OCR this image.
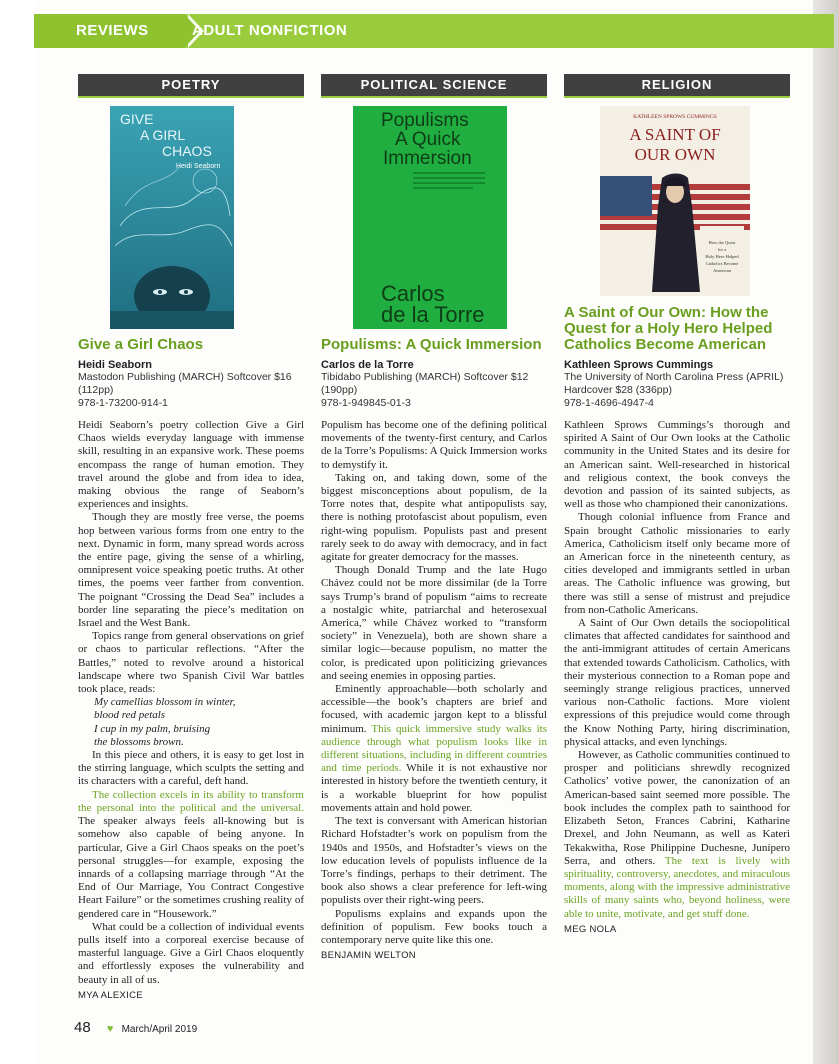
REVIEWS	ADULT NONFICTION
POETRY
GIVE
A GIRL
CHAOS
Heidi Seaborn
Give a Girl Chaos
Heidi Seaborn
Mastodon Publishing (MARCH) Softcover $16 (112pp)
978-1-73200-914-1

Heidi Seaborn’s poetry collection Give a Girl Chaos wields everyday language with immense skill, resulting in an expansive work. These poems encompass the range of human emotion. They travel around the globe and from idea to idea, making obvious the range of Seaborn’s experiences and insights.

Though they are mostly free verse, the poems hop between various forms from one entry to the next. Dynamic in form, many spread words across the entire page, giving the sense of a whirling, omnipresent voice speaking poetic truths. At other times, the poems veer farther from convention. The poignant “Crossing the Dead Sea” includes a border line separating the piece’s meditation on Israel and the West Bank.

Topics range from general observations on grief or chaos to particular reflections. “After the Battles,” noted to revolve around a historical landscape where two Spanish Civil War battles took place, reads:

My camellias blossom in winter,
blood red petals
I cup in my palm, bruising
the blossoms brown.

In this piece and others, it is easy to get lost in the stirring language, which sculpts the setting and its characters with a careful, deft hand.

The collection excels in its ability to transform the personal into the political and the universal. The speaker always feels all-knowing but is somehow also capable of being anyone. In particular, Give a Girl Chaos speaks on the poet’s personal struggles—for example, exposing the innards of a collapsing marriage through “At the End of Our Marriage, You Contract Congestive Heart Failure” or the sometimes crushing reality of gendered care in “Housework.”

What could be a collection of individual events pulls itself into a corporeal exercise because of masterful language. Give a Girl Chaos eloquently and effortlessly exposes the vulnerability and beauty in all of us.

MYA ALEXICE
POLITICAL SCIENCE
Populisms
A Quick
Immersion
Carlos
de la Torre
Populisms: A Quick Immersion
Carlos de la Torre
Tibidabo Publishing (MARCH) Softcover $12 (190pp)
978-1-949845-01-3

Populism has become one of the defining political movements of the twenty-first century, and Carlos de la Torre’s Populisms: A Quick Immersion works to demystify it.

Taking on, and taking down, some of the biggest misconceptions about populism, de la Torre notes that, despite what antipopulists say, there is nothing protofascist about populism, even right-wing populism. Populists past and present rarely seek to do away with democracy, and in fact agitate for greater democracy for the masses.

Though Donald Trump and the late Hugo Chávez could not be more dissimilar (de la Torre says Trump’s brand of populism “aims to recreate a nostalgic white, patriarchal and heterosexual America,” while Chávez worked to “transform society” in Venezuela), both are shown share a similar logic—because populism, no matter the color, is predicated upon politicizing grievances and seeing enemies in opposing parties.

Eminently approachable—both scholarly and accessible—the book’s chapters are brief and focused, with academic jargon kept to a blissful minimum. This quick immersive study walks its audience through what populism looks like in different situations, including in different countries and time periods. While it is not exhaustive nor interested in history before the twentieth century, it is a workable blueprint for how populist movements attain and hold power.

The text is conversant with American historian Richard Hofstadter’s work on populism from the 1940s and 1950s, and Hofstadter’s views on the low education levels of populists influence de la Torre’s findings, perhaps to their detriment. The book also shows a clear preference for left-wing populists over their right-wing peers.

Populisms explains and expands upon the definition of populism. Few books touch a contemporary nerve quite like this one.

BENJAMIN WELTON
RELIGION
KATHLEEN SPROWS CUMMINGS
A SAINT OF
OUR OWN
How the Quest
for a
Holy Hero Helped
Catholics Become
American
A Saint of Our Own: How the Quest for a Holy Hero Helped Catholics Become American
Kathleen Sprows Cummings
The University of North Carolina Press (APRIL)
Hardcover $28 (336pp)
978-1-4696-4947-4

Kathleen Sprows Cummings’s thorough and spirited A Saint of Our Own looks at the Catholic community in the United States and its desire for an American saint. Well-researched in historical and religious context, the book conveys the devotion and passion of its sainted subjects, as well as those who championed their canonizations.

Though colonial influence from France and Spain brought Catholic missionaries to early America, Catholicism itself only became more of an American force in the nineteenth century, as cities developed and immigrants settled in urban areas. The Catholic influence was growing, but there was still a sense of mistrust and prejudice from non-Catholic Americans.

A Saint of Our Own details the sociopolitical climates that affected candidates for sainthood and the anti-immigrant attitudes of certain Americans that extended towards Catholicism. Catholics, with their mysterious connection to a Roman pope and seemingly strange religious practices, unnerved various non-Catholic factions. More violent expressions of this prejudice would come through the Know Nothing Party, hiring discrimination, physical attacks, and even lynchings.

However, as Catholic communities continued to prosper and politicians shrewdly recognized Catholics’ votive power, the canonization of an American-based saint seemed more possible. The book includes the complex path to sainthood for Elizabeth Seton, Frances Cabrini, Katharine Drexel, and John Neumann, as well as Kateri Tekakwitha, Rose Philippine Duchesne, Junípero Serra, and others. The text is lively with spirituality, controversy, anecdotes, and miraculous moments, along with the impressive administrative skills of many saints who, beyond holiness, were able to unite, motivate, and get stuff done.

MEG NOLA
48 ♥ March/April 2019
